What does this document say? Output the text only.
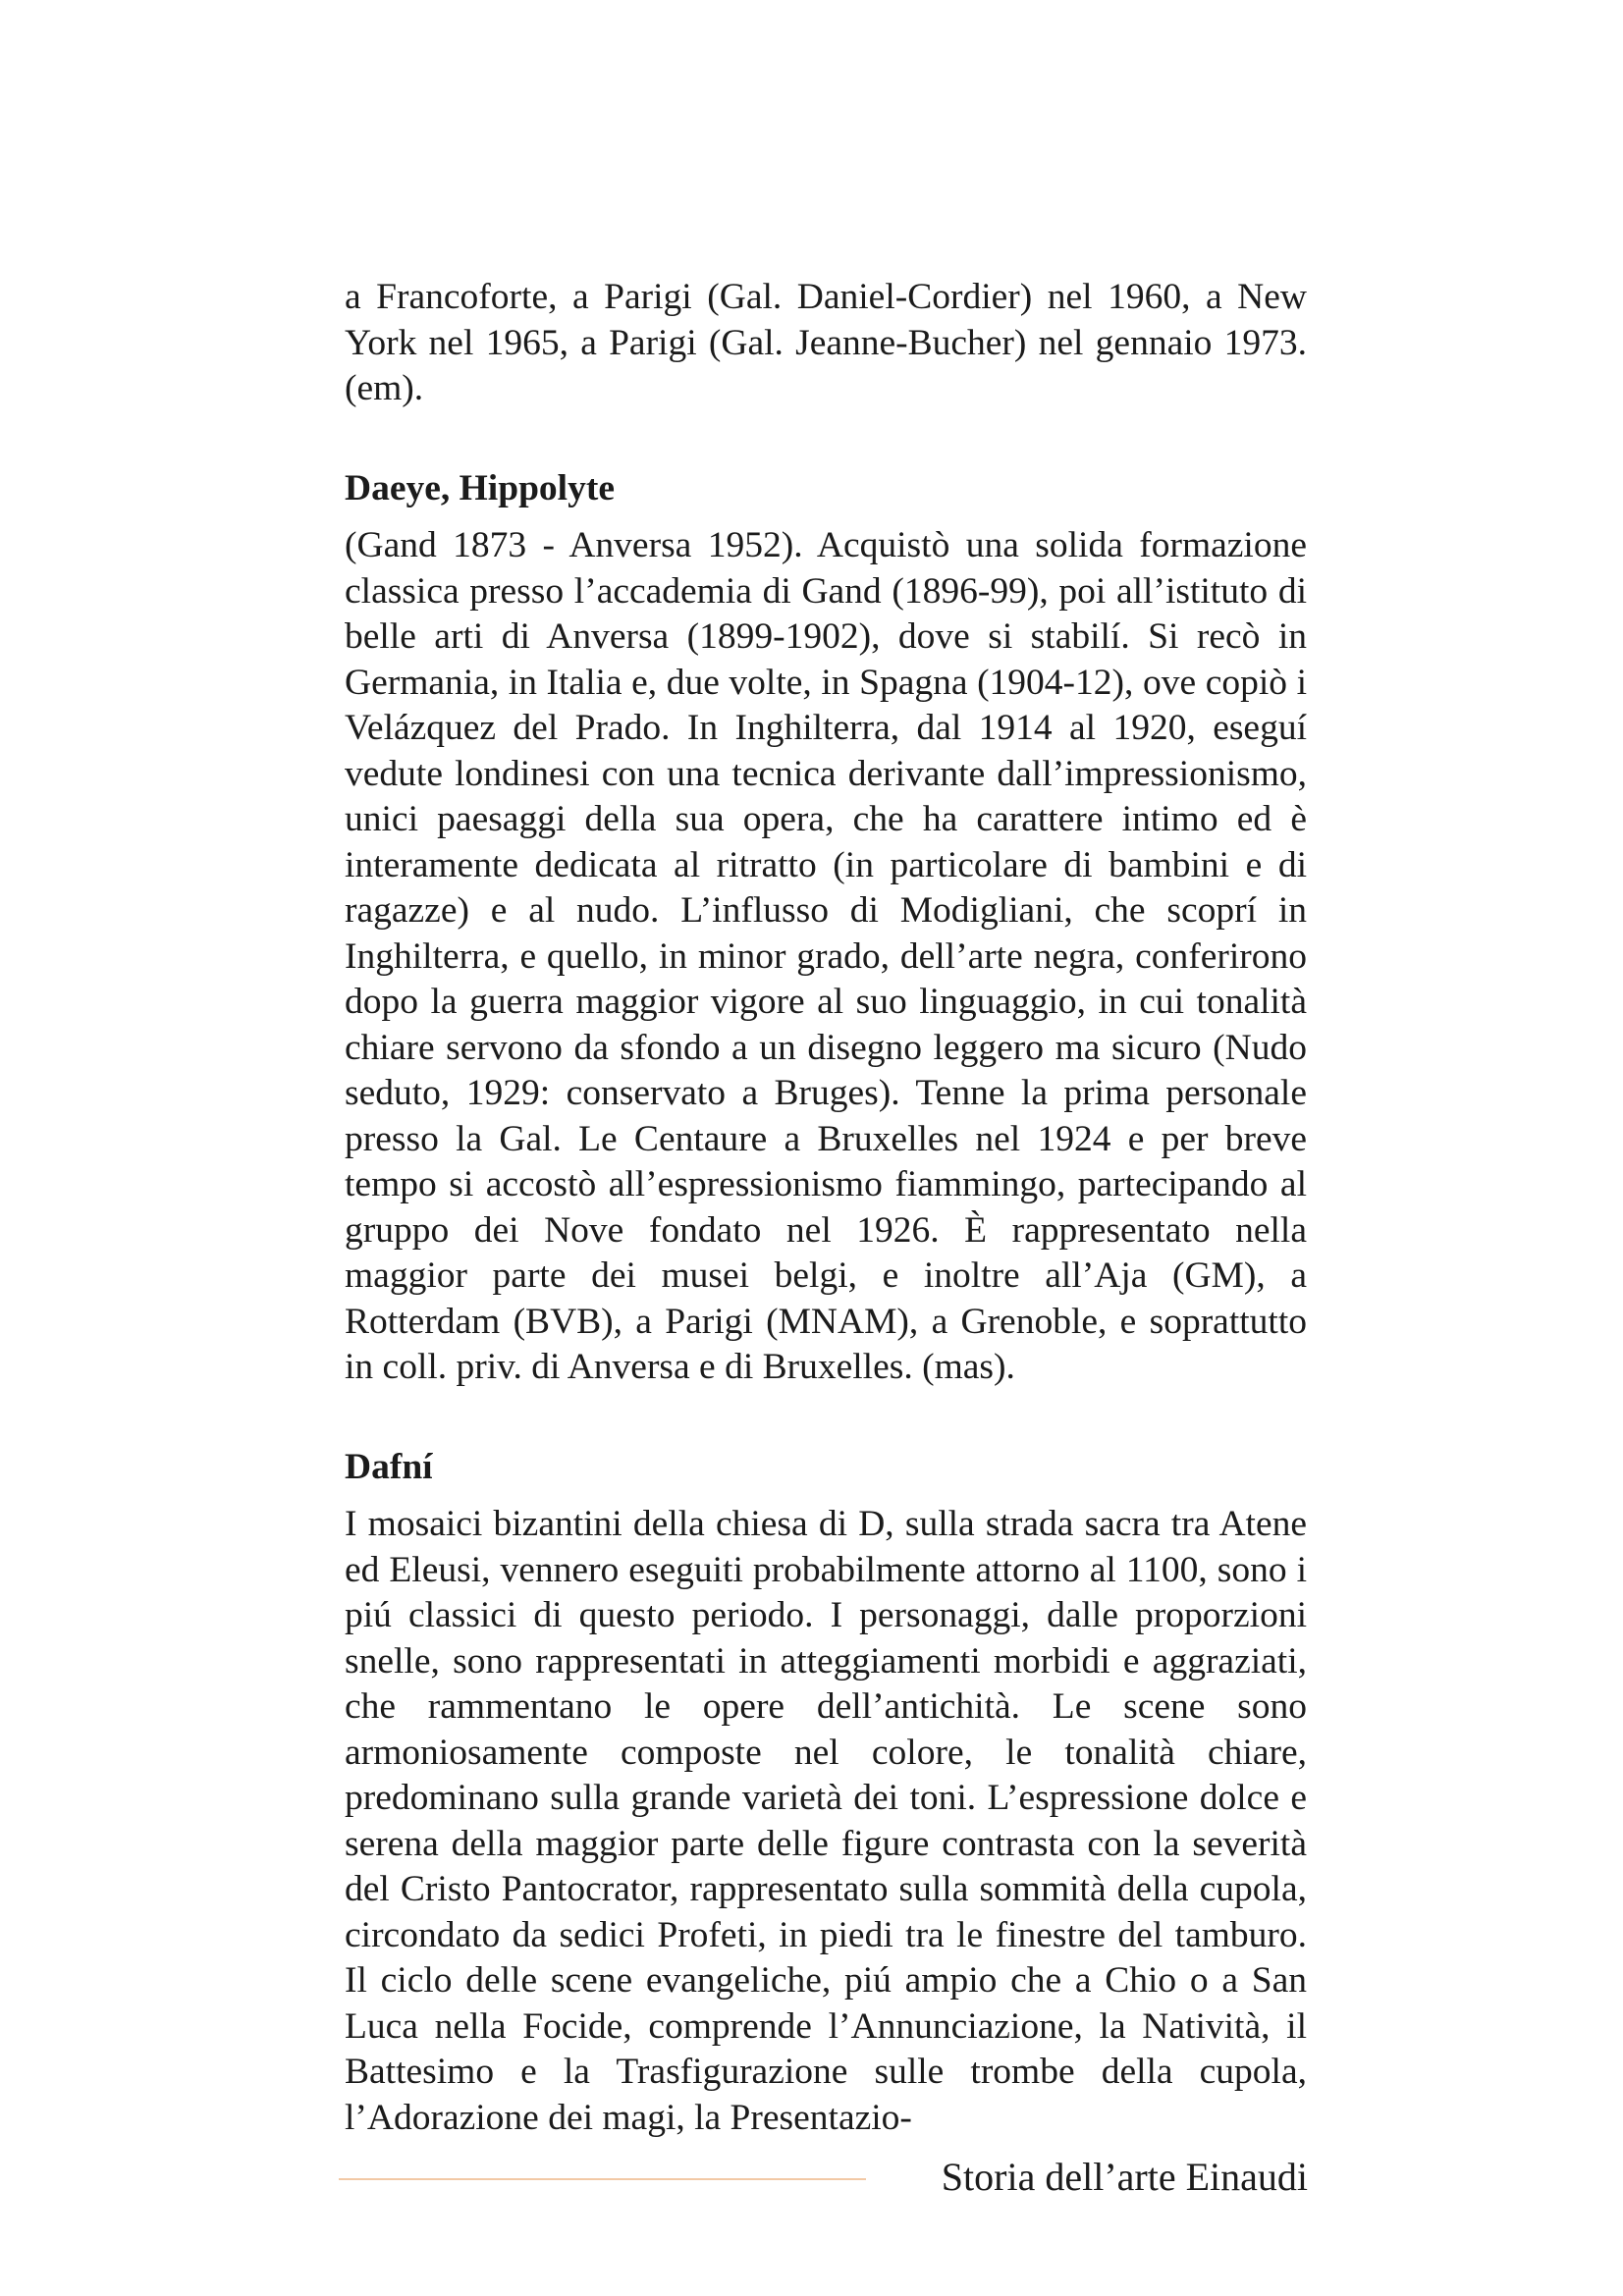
a Francoforte, a Parigi (Gal. Daniel-Cordier) nel 1960, a New York nel 1965, a Parigi (Gal. Jeanne-Bucher) nel gennaio 1973. (em).

Daeye, Hippolyte

(Gand 1873 - Anversa 1952). Acquistò una solida formazione classica presso l’accademia di Gand (1896-99), poi all’istituto di belle arti di Anversa (1899-1902), dove si stabilí. Si recò in Germania, in Italia e, due volte, in Spagna (1904-12), ove copiò i Velázquez del Prado. In Inghilterra, dal 1914 al 1920, eseguí vedute londinesi con una tecnica derivante dall’impressionismo, unici paesaggi della sua opera, che ha carattere intimo ed è interamente dedicata al ritratto (in particolare di bambini e di ragazze) e al nudo. L’influsso di Modigliani, che scoprí in Inghilterra, e quello, in minor grado, dell’arte negra, conferirono dopo la guerra maggior vigore al suo linguaggio, in cui tonalità chiare servono da sfondo a un disegno leggero ma sicuro (Nudo seduto, 1929: conservato a Bruges). Tenne la prima personale presso la Gal. Le Centaure a Bruxelles nel 1924 e per breve tempo si accostò all’espressionismo fiammingo, partecipando al gruppo dei Nove fondato nel 1926. È rappresentato nella maggior parte dei musei belgi, e inoltre all’Aja (GM), a Rotterdam (BVB), a Parigi (MNAM), a Grenoble, e soprattutto in coll. priv. di Anversa e di Bruxelles. (mas).

Dafní

I mosaici bizantini della chiesa di D, sulla strada sacra tra Atene ed Eleusi, vennero eseguiti probabilmente attorno al 1100, sono i piú classici di questo periodo. I personaggi, dalle proporzioni snelle, sono rappresentati in atteggiamenti morbidi e aggraziati, che rammentano le opere dell’antichità. Le scene sono armoniosamente composte nel colore, le tonalità chiare, predominano sulla grande varietà dei toni. L’espressione dolce e serena della maggior parte delle figure contrasta con la severità del Cristo Pantocrator, rappresentato sulla sommità della cupola, circondato da sedici Profeti, in piedi tra le finestre del tamburo. Il ciclo delle scene evangeliche, piú ampio che a Chio o a San Luca nella Focide, comprende l’Annunciazione, la Natività, il Battesimo e la Trasfigurazione sulle trombe della cupola, l’Adorazione dei magi, la Presentazio-

Storia dell’arte Einaudi
